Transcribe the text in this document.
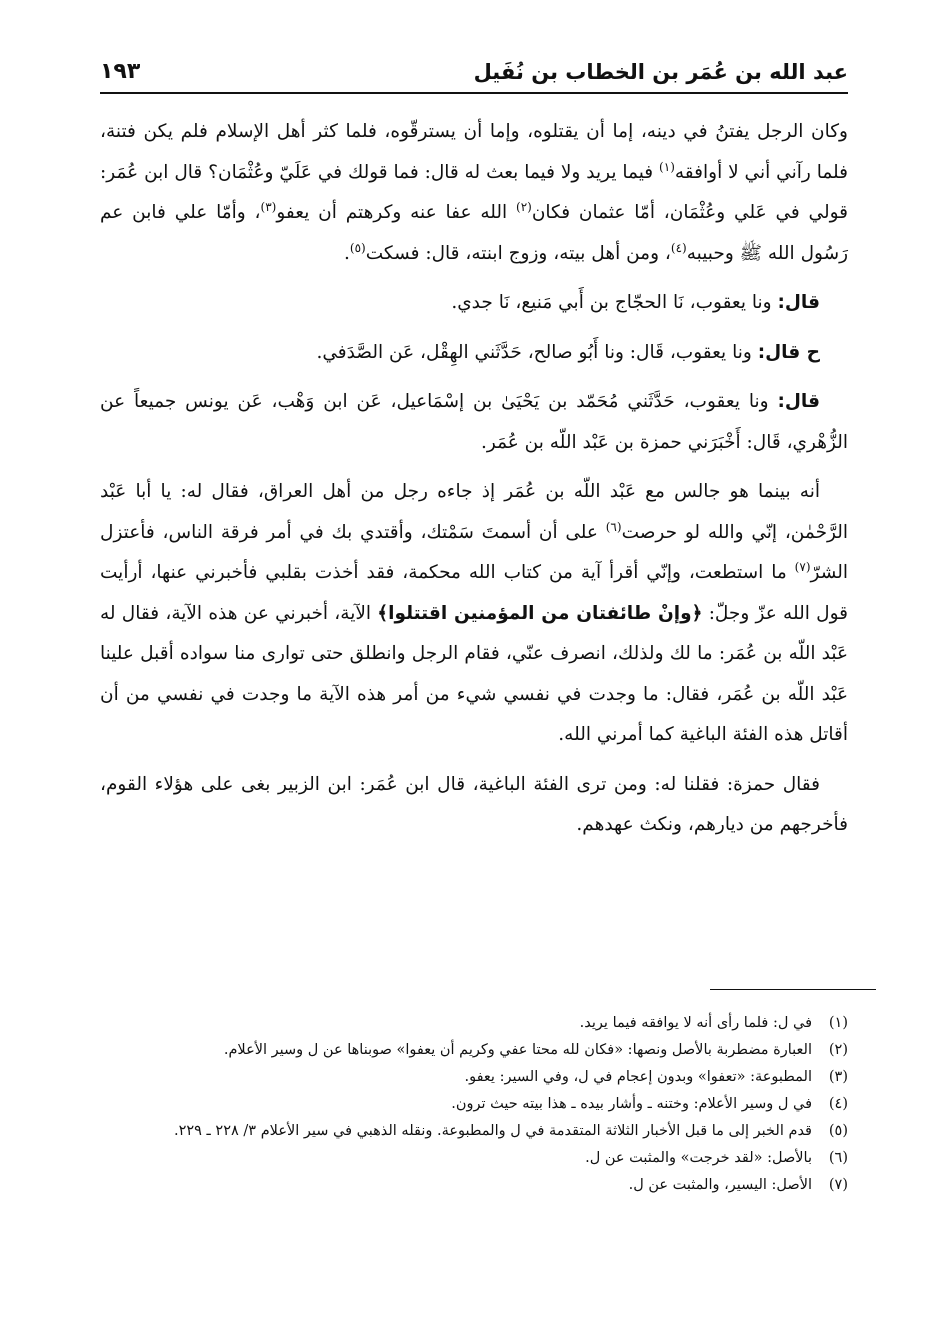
عبد الله بن عُمَر بن الخطاب بن نُفَيل
١٩٣

وكان الرجل يفتنُ في دينه، إما أن يقتلوه، وإما أن يسترقّوه، فلما كثر أهل الإسلام فلم يكن فتنة، فلما رآني أني لا أوافقه$^{(١)}$ فيما يريد ولا فيما بعث له قال: فما قولك في عَلَيّ وعُثْمَان؟ قال ابن عُمَر: قولي في عَلي وعُثْمَان، أمّا عثمان فكان$^{(٢)}$ الله عفا عنه وكرهتم أن يعفو$^{(٣)}$، وأمّا علي فابن عم رَسُول الله ﷺ وحبيبه$^{(٤)}$، ومن أهل بيته، وزوج ابنته، قال: فسكت$^{(٥)}$.

قال: ونا يعقوب، نَا الحجّاج بن أَبي مَنيع، نَا جدي.

ح قال: ونا يعقوب، قَال: ونا أَبُو صالح، حَدَّثَني الهِقْل، عَن الصَّدَفي.

قال: ونا يعقوب، حَدَّثَني مُحَمّد بن يَحْيَىٰ بن إسْمَاعيل، عَن ابن وَهْب، عَن يونس جميعاً عن الزُّهْري، قَال: أَخْبَرَني حمزة بن عَبْد اللّه بن عُمَر.

أنه بينما هو جالس مع عَبْد اللّه بن عُمَر إذ جاءه رجل من أهل العراق، فقال له: يا أبا عَبْد الرَّحْمٰن، إنّي والله لو حرصت$^{(٦)}$ على أن أسمتَ سَمْتك، وأقتدي بك في أمر فرقة الناس، فأعتزل الشرّ$^{(٧)}$ ما استطعت، وإنّي أقرأ آية من كتاب الله محكمة، فقد أخذت بقلبي فأخبرني عنها، أرأيت قول الله عزّ وجلّ: ﴿وإنْ طائفتان من المؤمنين اقتتلوا﴾ الآية، أخبرني عن هذه الآية، فقال له عَبْد اللّه بن عُمَر: ما لك ولذلك، انصرف عنّي، فقام الرجل وانطلق حتى توارى منا سواده أقبل علينا عَبْد اللّه بن عُمَر، فقال: ما وجدت في نفسي شيء من أمر هذه الآية ما وجدت في نفسي من أن أقاتل هذه الفئة الباغية كما أمرني الله.

فقال حمزة: فقلنا له: ومن ترى الفئة الباغية، قال ابن عُمَر: ابن الزبير بغى على هؤلاء القوم، فأخرجهم من ديارهم، ونكث عهدهم.

(١)
في ل: فلما رأى أنه لا يوافقه فيما يريد.
(٢)
العبارة مضطربة بالأصل ونصها: «فكان لله محتا عفي وكريم أن يعفوا» صوبناها عن ل وسير الأعلام.
(٣)
المطبوعة: «تعفوا» وبدون إعجام في ل، وفي السير: يعفو.
(٤)
في ل وسير الأعلام: وختنه ـ وأشار بيده ـ هذا بيته حيث ترون.
(٥)
قدم الخبر إلى ما قبل الأخبار الثلاثة المتقدمة في ل والمطبوعة. ونقله الذهبي في سير الأعلام ٣/ ٢٢٨ ـ ٢٢٩.
(٦)
بالأصل: «لقد خرجت» والمثبت عن ل.
(٧)
الأصل: اليسير، والمثبت عن ل.
